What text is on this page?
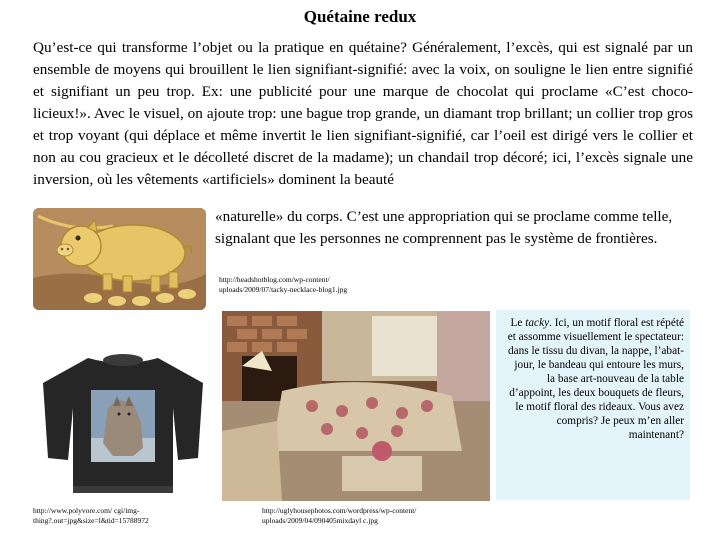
Quétaine redux

Qu’est-ce qui transforme l’objet ou la pratique en quétaine? Généralement, l’excès, qui est signalé par un ensemble de moyens qui brouillent le lien signifiant-signifié: avec la voix, on souligne le lien entre signifié et signifiant un peu trop. Ex: une publicité pour une marque de chocolat qui proclame «C’est choco-licieux!». Avec le visuel, on ajoute trop: une bague trop grande, un diamant trop brillant; un collier trop gros et trop voyant (qui déplace et même invertit le lien signifiant-signifié, car l’oeil est dirigé vers le collier et non au cou gracieux et le décolleté discret de la madame); un chandail trop décoré; ici, l’excès signale une inversion, où les vêtements «artificiels» dominent la beauté

«naturelle» du corps. C’est une appropriation qui se proclame comme telle, signalant que les personnes ne comprennent pas le système de frontières.

http://headshotblog.com/wp-content/ uploads/2009/07/tacky-necklace-blog1.jpg
http://www.polyvore.com/ cgi/img-thing?.out=jpg&size=l&tid=15788972
http://uglyhousephotos.com/wordpress/wp-content/ uploads/2009/04/090405mixdayl c.jpg
Le tacky. Ici, un motif floral est répété et assomme visuellement le spectateur: dans le tissu du divan, la nappe, l’abat-jour, le bandeau qui entoure les murs, la base art-nouveau de la table d’appoint, les deux bouquets de fleurs, le motif floral des rideaux. Vous avez compris? Je peux m’en aller maintenant?
